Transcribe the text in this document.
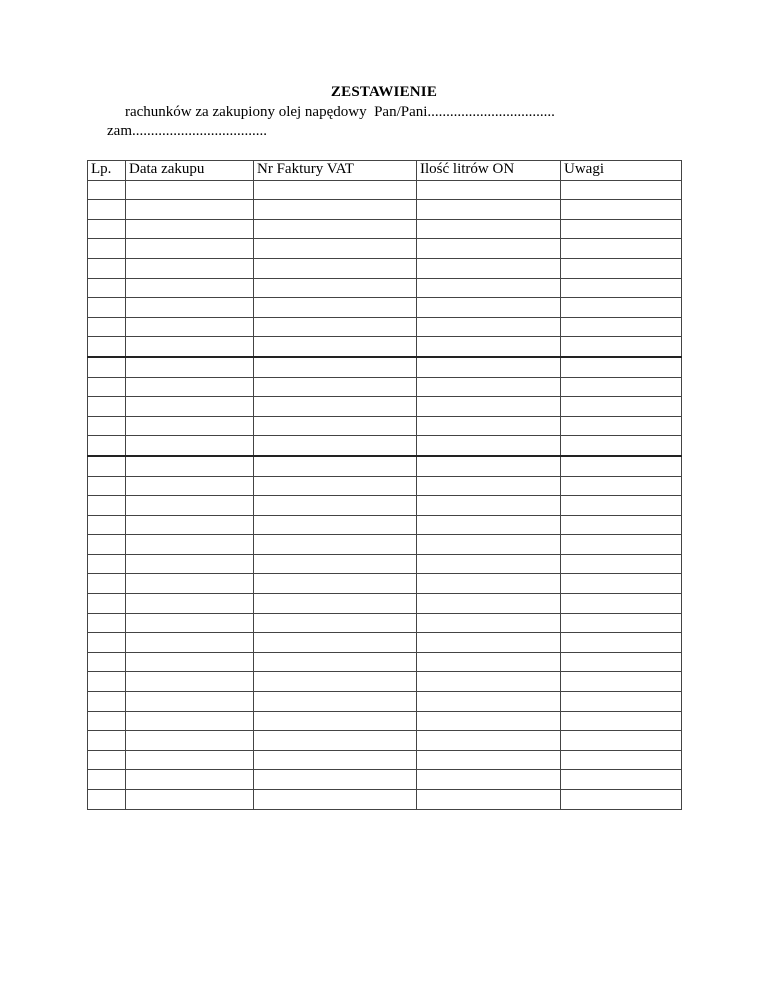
ZESTAWIENIE
rachunków za zakupiony olej napędowy  Pan/Pani..................................
zam....................................
Lp.	Data zakupu	Nr Faktury VAT	Ilość litrów ON	Uwagi
